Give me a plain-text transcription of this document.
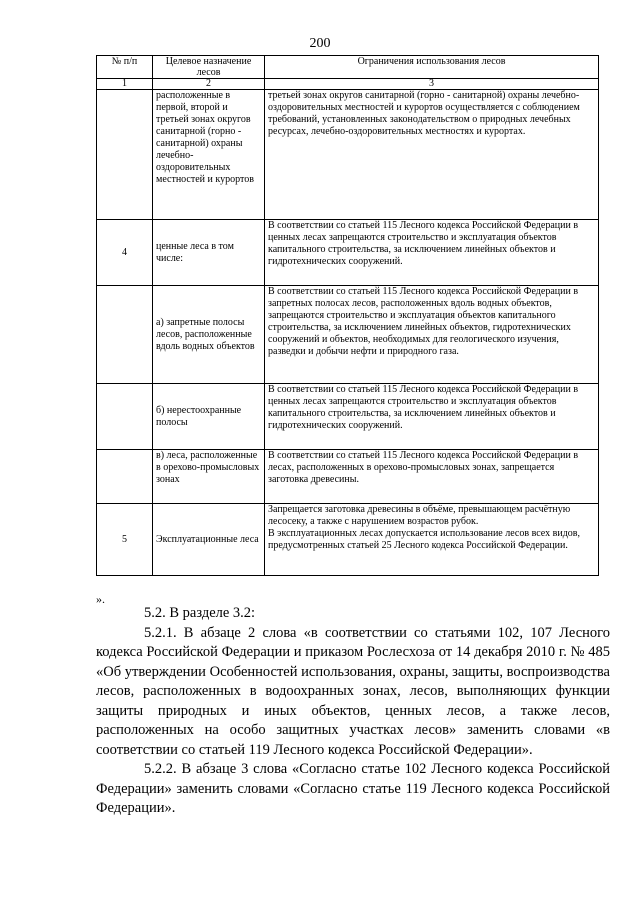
200
№ п/п	Целевое назначение лесов	Ограничения использования лесов
1	2	3
	расположенные в первой, второй и третьей зонах округов санитарной (горно - санитарной) охраны лечебно-оздоровительных местностей и курортов	третьей зонах округов санитарной (горно - санитарной) охраны лечебно-оздоровительных местностей и курортов осуществляется с соблюдением требований, установленных законодательством о природных лечебных ресурсах, лечебно-оздоровительных местностях и курортах.
4	ценные леса в том числе:	В соответствии со статьей 115 Лесного кодекса Российской Федерации в ценных лесах запрещаются строительство и эксплуатация объектов капитального строительства, за исключением линейных объектов и гидротехнических сооружений.
	а) запретные полосы лесов, расположенные вдоль водных объектов	В соответствии со статьей 115 Лесного кодекса Российской Федерации в запретных полосах лесов, расположенных вдоль водных объектов, запрещаются строительство и эксплуатация объектов капитального строительства, за исключением линейных объектов, гидротехнических сооружений и объектов, необходимых для геологического изучения, разведки и добычи нефти и природного газа.
	б) нерестоохранные полосы	В соответствии со статьей 115 Лесного кодекса Российской Федерации в ценных лесах запрещаются строительство и эксплуатация объектов капитального строительства, за исключением линейных объектов и гидротехнических сооружений.
	в) леса, расположенные в орехово-промысловых зонах	В соответствии со статьей 115 Лесного кодекса Российской Федерации в лесах, расположенных в орехово-промысловых зонах, запрещается заготовка древесины.
5	Эксплуатационные леса	Запрещается заготовка древесины в объёме, превышающем расчётную лесосеку, а также с нарушением возрастов рубок.
В эксплуатационных лесах допускается использование лесов всех видов, предусмотренных статьей 25 Лесного кодекса Российской Федерации.
».

5.2. В разделе 3.2:

5.2.1. В абзаце 2 слова «в соответствии со статьями 102, 107 Лесного кодекса Российской Федерации и приказом Рослесхоза от 14 декабря 2010 г. № 485 «Об утверждении Особенностей использования, охраны, защиты, воспроизводства лесов, расположенных в водоохранных зонах, лесов, выполняющих функции защиты природных и иных объектов, ценных лесов, а также лесов, расположенных на особо защитных участках лесов» заменить словами «в соответствии со статьей 119 Лесного кодекса Российской Федерации».

5.2.2. В абзаце 3 слова «Согласно статье 102 Лесного кодекса Российской Федерации» заменить словами «Согласно статье 119 Лесного кодекса Российской Федерации».
